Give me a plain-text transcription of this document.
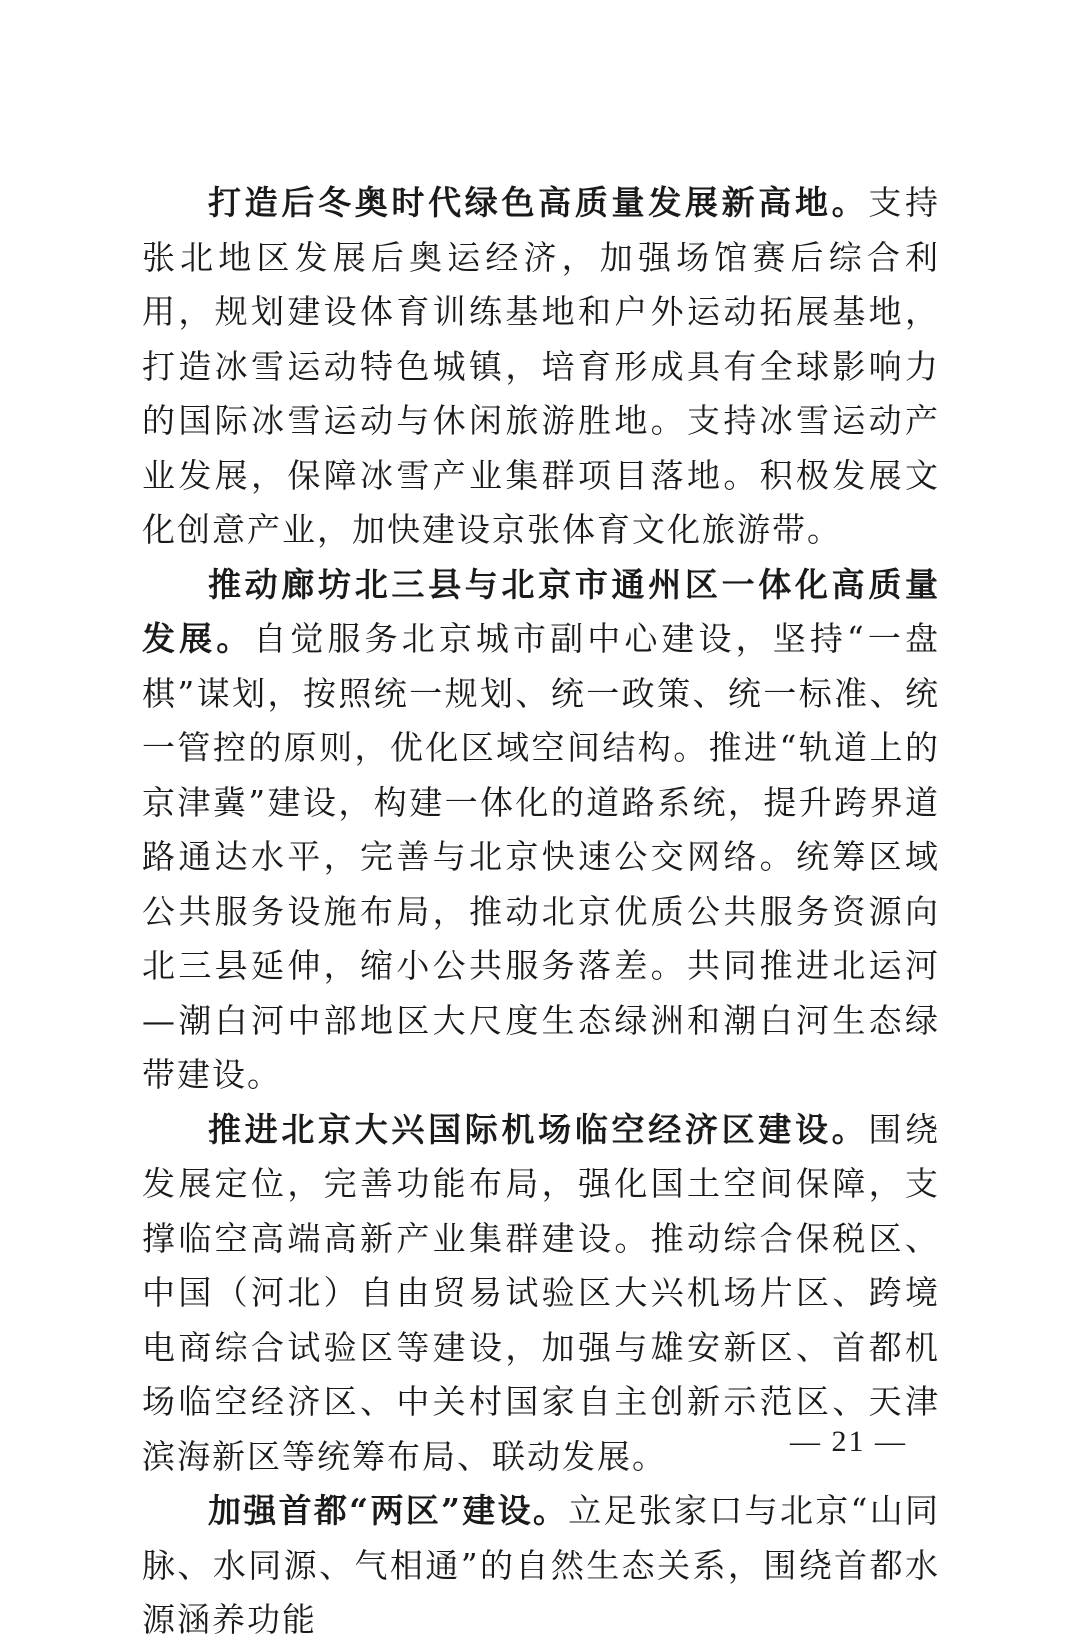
打造后冬奥时代绿色高质量发展新高地。支持张北地区发展后奥运经济，加强场馆赛后综合利用，规划建设体育训练基地和户外运动拓展基地，打造冰雪运动特色城镇，培育形成具有全球影响力的国际冰雪运动与休闲旅游胜地。支持冰雪运动产业发展，保障冰雪产业集群项目落地。积极发展文化创意产业，加快建设京张体育文化旅游带。

推动廊坊北三县与北京市通州区一体化高质量发展。自觉服务北京城市副中心建设，坚持“一盘棋”谋划，按照统一规划、统一政策、统一标准、统一管控的原则，优化区域空间结构。推进“轨道上的京津冀”建设，构建一体化的道路系统，提升跨界道路通达水平，完善与北京快速公交网络。统筹区域公共服务设施布局，推动北京优质公共服务资源向北三县延伸，缩小公共服务落差。共同推进北运河—潮白河中部地区大尺度生态绿洲和潮白河生态绿带建设。

推进北京大兴国际机场临空经济区建设。围绕发展定位，完善功能布局，强化国土空间保障，支撑临空高端高新产业集群建设。推动综合保税区、中国（河北）自由贸易试验区大兴机场片区、跨境电商综合试验区等建设，加强与雄安新区、首都机场临空经济区、中关村国家自主创新示范区、天津滨海新区等统筹布局、联动发展。

加强首都“两区”建设。立足张家口与北京“山同脉、水同源、气相通”的自然生态关系，围绕首都水源涵养功能

— 21 —
